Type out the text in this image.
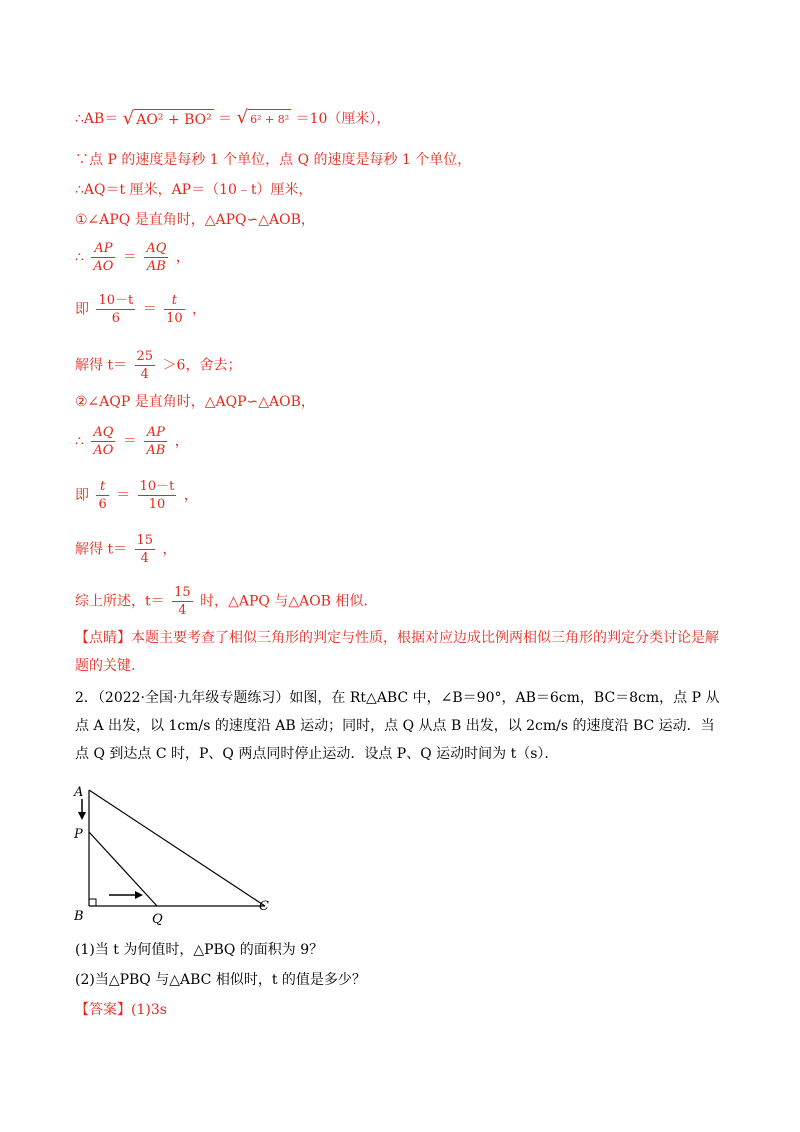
∴AB＝ √ AO² + BO² ＝ √ 6² + 8² ＝10（厘米），
∵点 P 的速度是每秒 1 个单位，点 Q 的速度是每秒 1 个单位，
∴AQ＝t 厘米，AP＝（10﹣t）厘米，
①∠APQ 是直角时，△APQ∽△AOB，
∴ $\frac{AP}{AO} = \frac{AQ}{AB}$ ，
即 $\frac{10-t}{6} = \frac{t}{10}$ ，
解得 $t= \frac{25}{4} >6$，舍去；
②∠AQP 是直角时，△AQP∽△AOB，
∴ $\frac{AQ}{AO} = \frac{AP}{AB}$ ，
即 $\frac{t}{6} = \frac{10-t}{10}$ ，
解得 $t= \frac{15}{4}$ ，
综上所述，$t= \frac{15}{4}$ 时，△APQ 与△AOB 相似.
【点睛】本题主要考查了相似三角形的判定与性质，根据对应边成比例两相似三角形的判定分类讨论是解题的关键.
2．（2022·全国·九年级专题练习）如图，在 Rt△ABC 中，∠B＝90°，AB＝6cm，BC＝8cm，点 P 从点 A 出发，以 1cm/s 的速度沿 AB 运动；同时，点 Q 从点 B 出发，以 2cm/s 的速度沿 BC 运动．当点 Q 到达点 C 时，P、Q 两点同时停止运动．设点 P、Q 运动时间为 t（s）．
A
P
B	Q
C
(1)当 t 为何值时，△PBQ 的面积为 9？
(2)当△PBQ 与△ABC 相似时，t 的值是多少？
【答案】(1)3s
